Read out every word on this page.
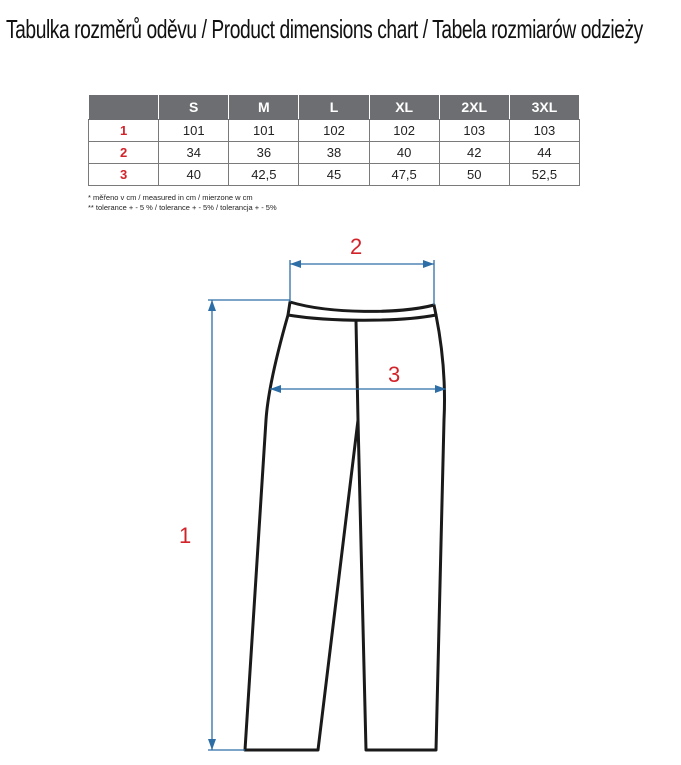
Tabulka rozměrů oděvu / Product dimensions chart / Tabela rozmiarów odzieży
	S	M	L	XL	2XL	3XL
1	101	101	102	102	103	103
2	34	36	38	40	42	44
3	40	42,5	45	47,5	50	52,5
* měřeno v cm / measured in cm / mierzone w cm
** tolerance + - 5 % / tolerance + - 5% / tolerancja + - 5%
2
3
1
